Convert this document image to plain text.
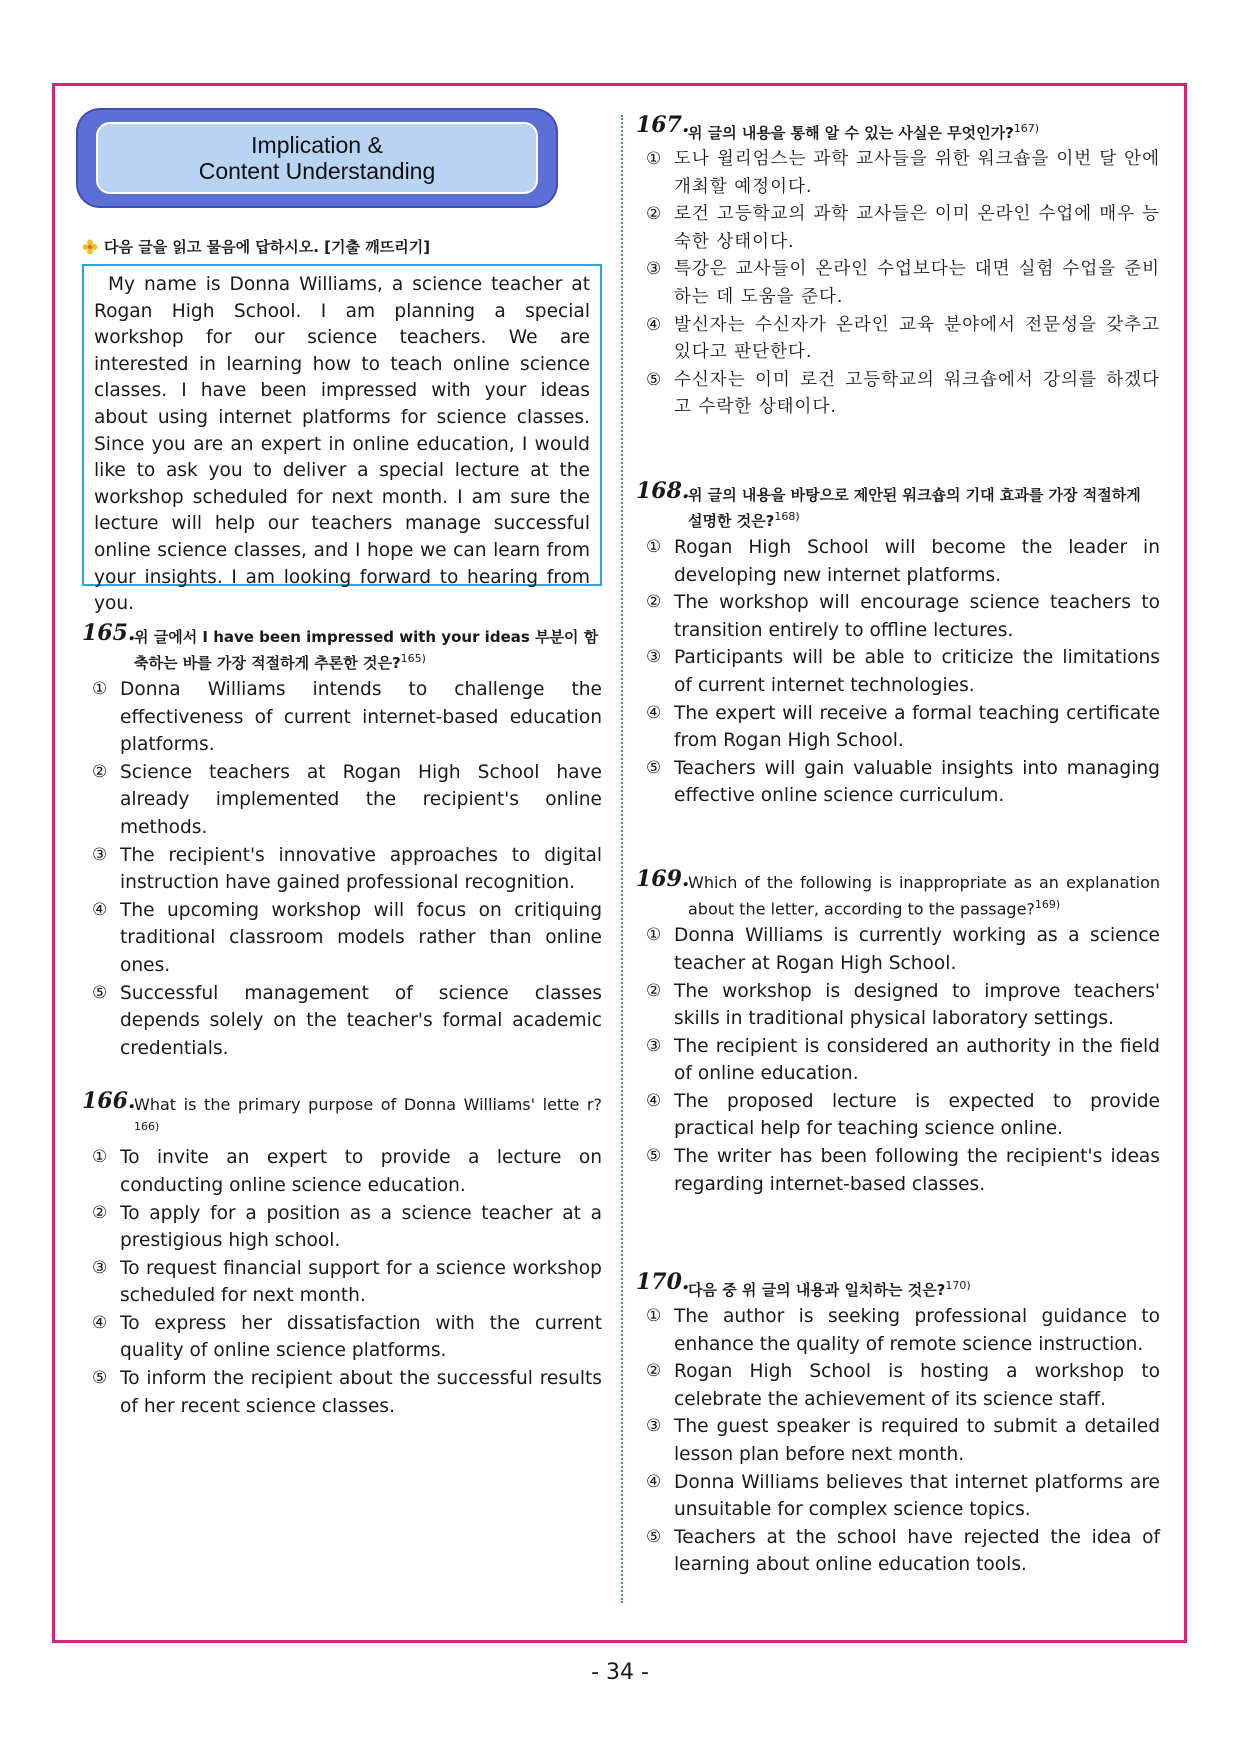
Implication &
Content Understanding
다음 글을 읽고 물음에 답하시오. [기출 깨뜨리기]
My name is Donna Williams, a science teacher at Rogan High School. I am planning a special workshop for our science teachers. We are interested in learning how to teach online science classes. I have been impressed with your ideas about using internet platforms for science classes. Since you are an expert in online education, I would like to ask you to deliver a special lecture at the workshop scheduled for next month. I am sure the lecture will help our teachers manage successful online science classes, and I hope we can learn from your insights. I am looking forward to hearing from you.
165.
위 글에서 I have been impressed with your ideas 부분이 함축하는 바를 가장 적절하게 추론한 것은?$^{165)}$
① Donna Williams intends to challenge the effectiveness of current internet-based education platforms.
② Science teachers at Rogan High School have already implemented the recipient's online methods.
③ The recipient's innovative approaches to digital instruction have gained professional recognition.
④ The upcoming workshop will focus on critiquing traditional classroom models rather than online ones.
⑤ Successful management of science classes depends solely on the teacher's formal academic credentials.
166.
What is the primary purpose of Donna Williams' lette r?$^{166)}$
① To invite an expert to provide a lecture on conducting online science education.
② To apply for a position as a science teacher at a prestigious high school.
③ To request financial support for a science workshop scheduled for next month.
④ To express her dissatisfaction with the current quality of online science platforms.
⑤ To inform the recipient about the successful results of her recent science classes.
167.
위 글의 내용을 통해 알 수 있는 사실은 무엇인가?$^{167)}$
① 도나 윌리엄스는 과학 교사들을 위한 워크숍을 이번 달 안에 개최할 예정이다.
② 로건 고등학교의 과학 교사들은 이미 온라인 수업에 매우 능숙한 상태이다.
③ 특강은 교사들이 온라인 수업보다는 대면 실험 수업을 준비하는 데 도움을 준다.
④ 발신자는 수신자가 온라인 교육 분야에서 전문성을 갖추고 있다고 판단한다.
⑤ 수신자는 이미 로건 고등학교의 워크숍에서 강의를 하겠다고 수락한 상태이다.
168.
위 글의 내용을 바탕으로 제안된 워크숍의 기대 효과를 가장 적절하게 설명한 것은?$^{168)}$
① Rogan High School will become the leader in developing new internet platforms.
② The workshop will encourage science teachers to transition entirely to offline lectures.
③ Participants will be able to criticize the limitations of current internet technologies.
④ The expert will receive a formal teaching certificate from Rogan High School.
⑤ Teachers will gain valuable insights into managing effective online science curriculum.
169.
Which of the following is inappropriate as an explanation about the letter, according to the passage?$^{169)}$
① Donna Williams is currently working as a science teacher at Rogan High School.
② The workshop is designed to improve teachers' skills in traditional physical laboratory settings.
③ The recipient is considered an authority in the field of online education.
④ The proposed lecture is expected to provide practical help for teaching science online.
⑤ The writer has been following the recipient's ideas regarding internet-based classes.
170.
다음 중 위 글의 내용과 일치하는 것은?$^{170)}$
① The author is seeking professional guidance to enhance the quality of remote science instruction.
② Rogan High School is hosting a workshop to celebrate the achievement of its science staff.
③ The guest speaker is required to submit a detailed lesson plan before next month.
④ Donna Williams believes that internet platforms are unsuitable for complex science topics.
⑤ Teachers at the school have rejected the idea of learning about online education tools.
- 34 -
